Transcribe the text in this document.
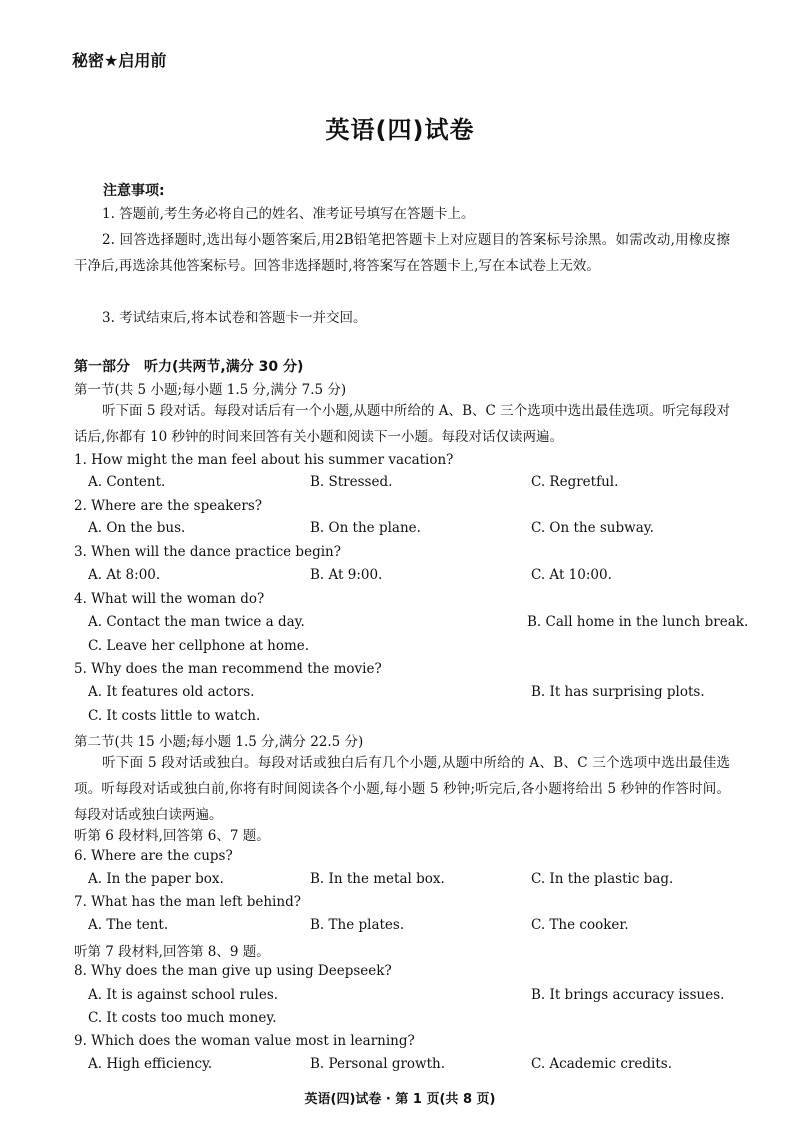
秘密★启用前
英语(四)试卷
注意事项:
1. 答题前,考生务必将自己的姓名、准考证号填写在答题卡上。
2. 回答选择题时,选出每小题答案后,用2B铅笔把答题卡上对应题目的答案标号涂黑。如需改动,用橡皮擦干净后,再选涂其他答案标号。回答非选择题时,将答案写在答题卡上,写在本试卷上无效。
3. 考试结束后,将本试卷和答题卡一并交回。
第一部分　听力(共两节,满分 30 分)
第一节(共 5 小题;每小题 1.5 分,满分 7.5 分)
听下面 5 段对话。每段对话后有一个小题,从题中所给的 A、B、C 三个选项中选出最佳选项。听完每段对话后,你都有 10 秒钟的时间来回答有关小题和阅读下一小题。每段对话仅读两遍。
1. How might the man feel about his summer vacation?
A. Content.	B. Stressed.	C. Regretful.
2. Where are the speakers?
A. On the bus.	B. On the plane.	C. On the subway.
3. When will the dance practice begin?
A. At 8:00.	B. At 9:00.	C. At 10:00.
4. What will the woman do?
A. Contact the man twice a day.	B. Call home in the lunch break.
C. Leave her cellphone at home.
5. Why does the man recommend the movie?
A. It features old actors.	B. It has surprising plots.
C. It costs little to watch.
第二节(共 15 小题;每小题 1.5 分,满分 22.5 分)
听下面 5 段对话或独白。每段对话或独白后有几个小题,从题中所给的 A、B、C 三个选项中选出最佳选项。听每段对话或独白前,你将有时间阅读各个小题,每小题 5 秒钟;听完后,各小题将给出 5 秒钟的作答时间。每段对话或独白读两遍。
听第 6 段材料,回答第 6、7 题。
6. Where are the cups?
A. In the paper box.	B. In the metal box.	C. In the plastic bag.
7. What has the man left behind?
A. The tent.	B. The plates.	C. The cooker.
听第 7 段材料,回答第 8、9 题。
8. Why does the man give up using Deepseek?
A. It is against school rules.	B. It brings accuracy issues.
C. It costs too much money.
9. Which does the woman value most in learning?
A. High efficiency.	B. Personal growth.	C. Academic credits.
英语(四)试卷 · 第 1 页(共 8 页)
